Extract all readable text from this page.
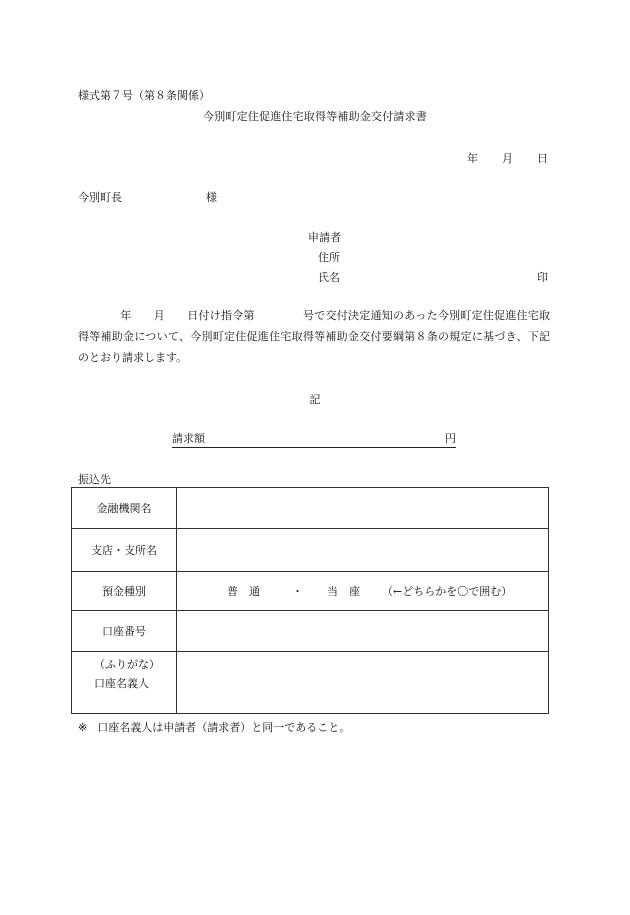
様式第７号（第８条関係）
今別町定住促進住宅取得等補助金交付請求書
年 月 日
今別町長	様
申請者
住所
氏名	印
年 月 日付け指令第	号で交付決定通知のあった今別町定住促進住宅取得等補助金について、今別町定住促進住宅取得等補助金交付要綱第８条の規定に基づき、下記のとおり請求します。
記
請求額	円
振込先
金融機関名	
支店・支所名	
預金種別	普　通 ・ 当　座 （←どちらかを〇で囲む）
口座番号	

（ふりがな）
口座名義人	

※ 口座名義人は申請者（請求者）と同一であること。
